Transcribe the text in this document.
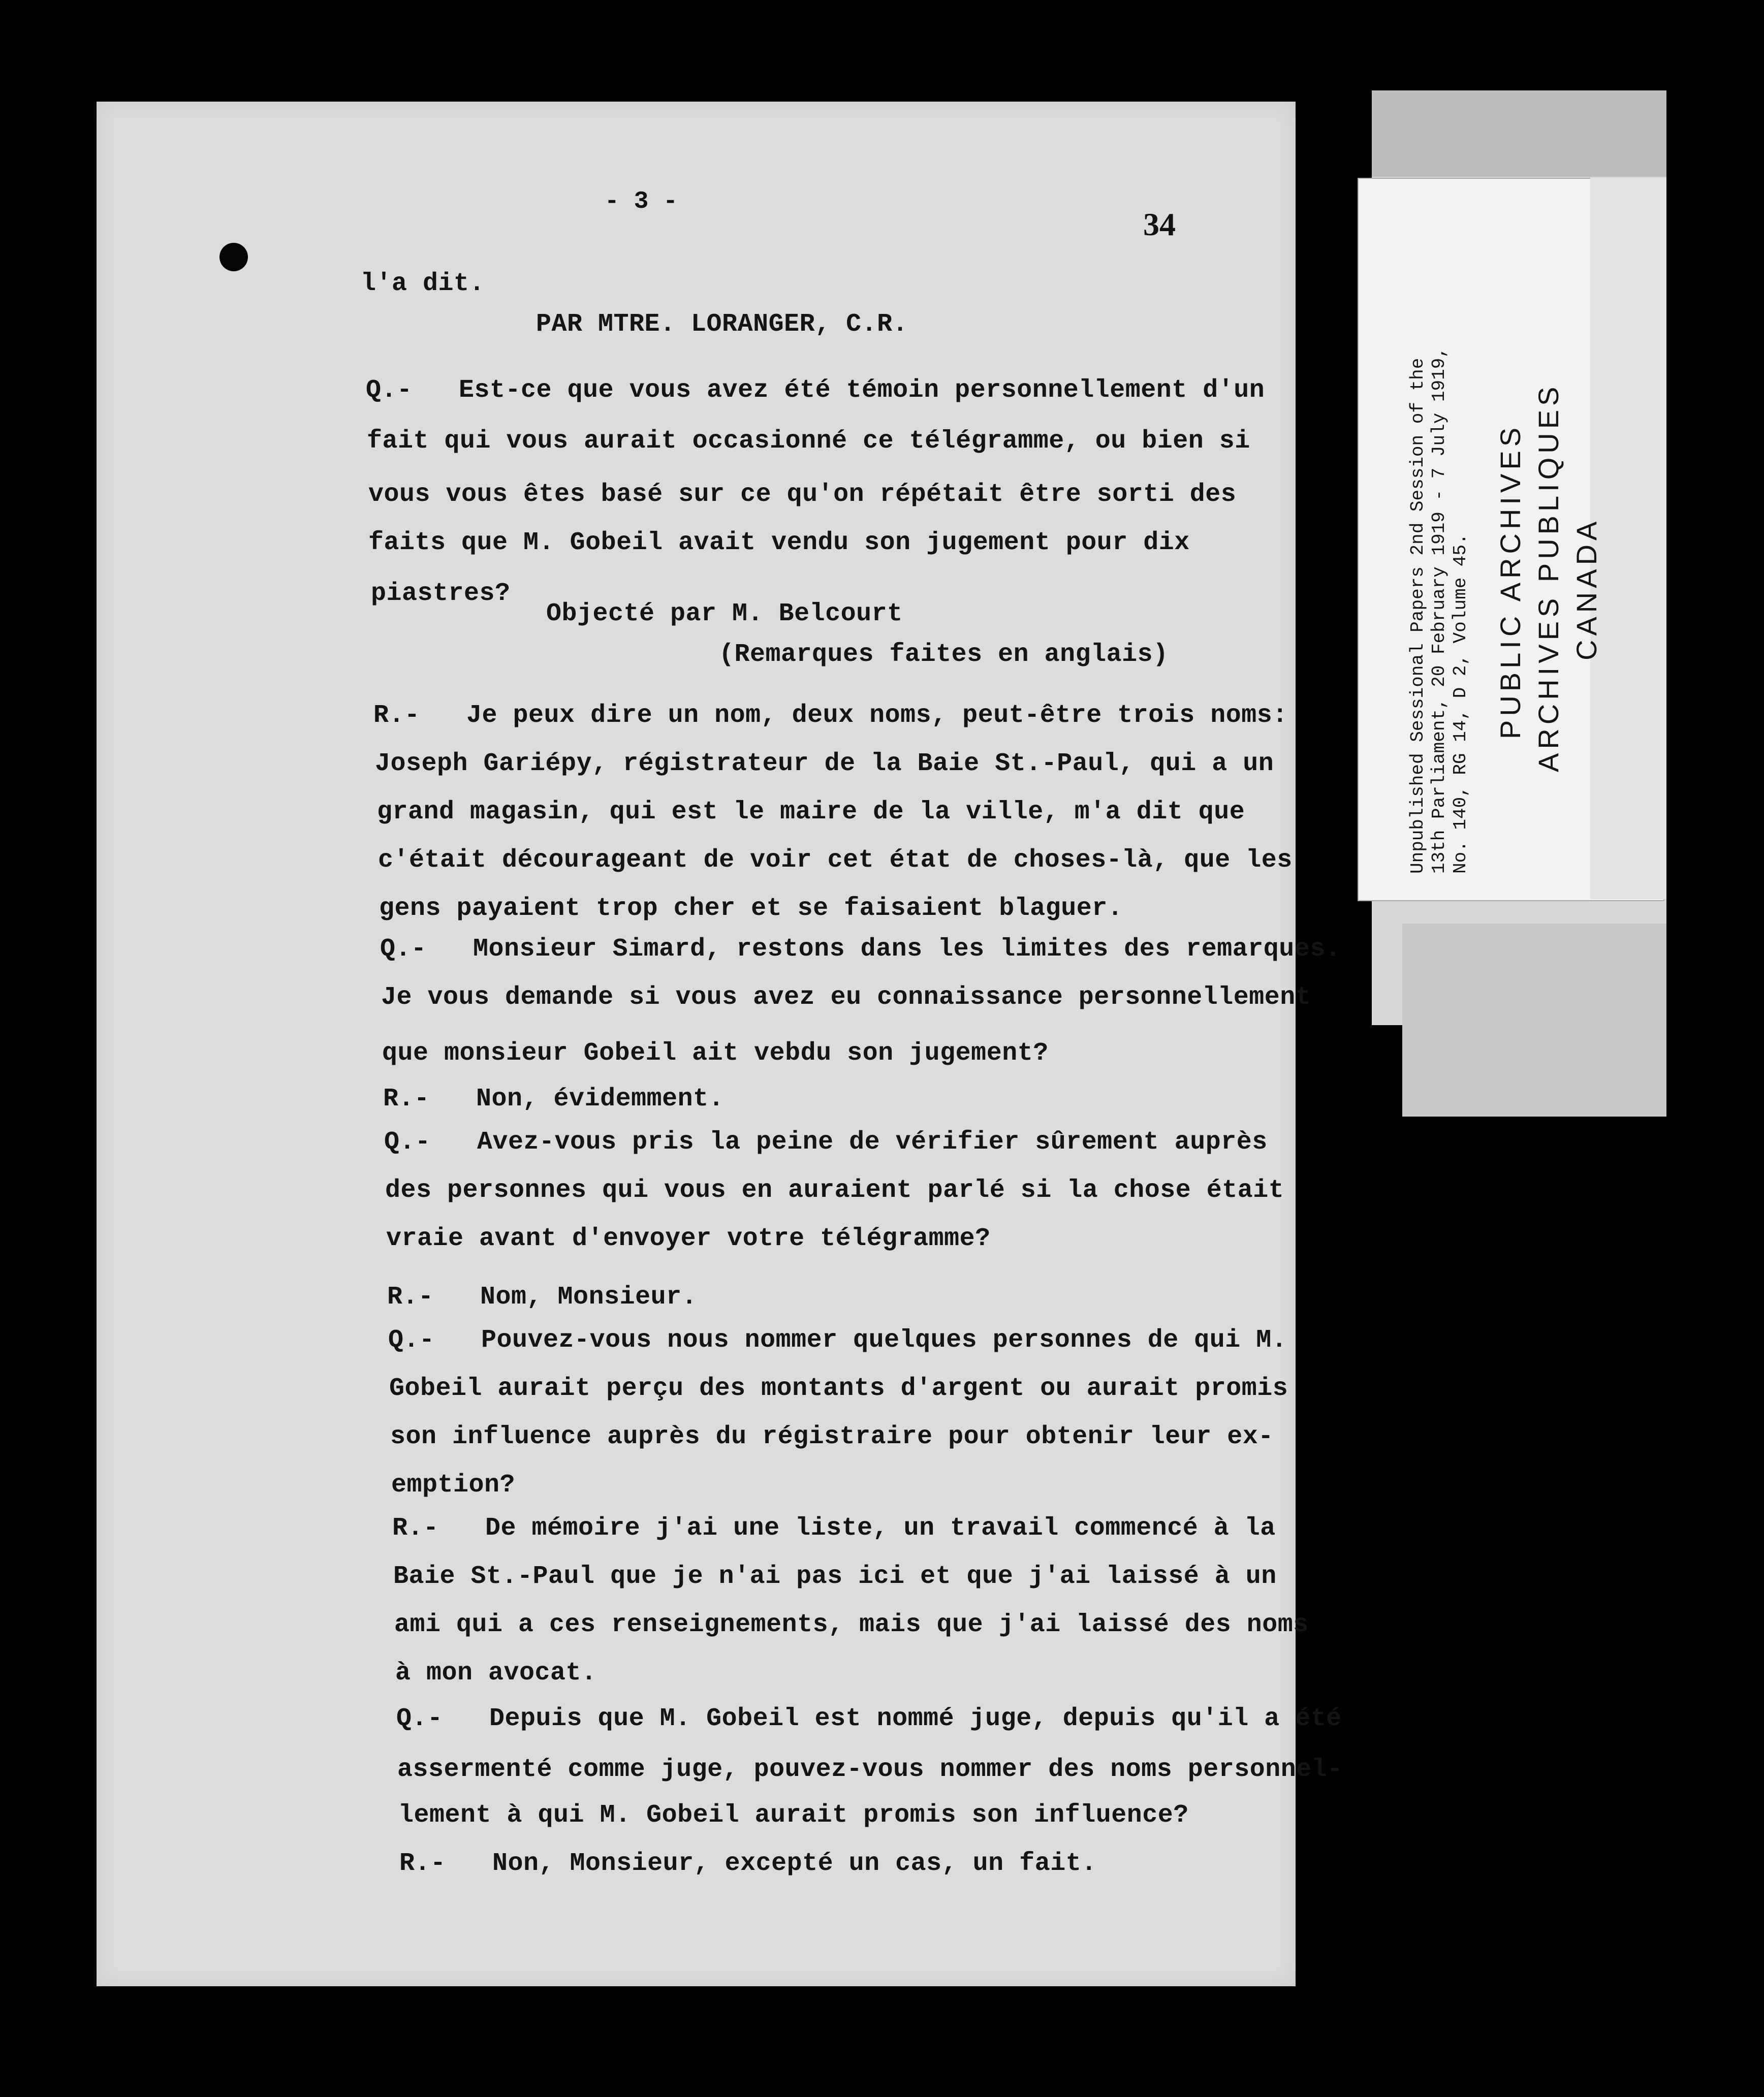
- 3 -
34
l'a dit.
PAR MTRE. LORANGER, C.R.
Q.-   Est-ce que vous avez été témoin personnellement d'un
fait qui vous aurait occasionné ce télégramme, ou bien si
vous vous êtes basé sur ce qu'on répétait être sorti des
faits que M. Gobeil avait vendu son jugement pour dix
piastres?
Objecté par M. Belcourt
(Remarques faites en anglais)
R.-   Je peux dire un nom, deux noms, peut-être trois noms:
Joseph Gariépy, régistrateur de la Baie St.-Paul, qui a un
grand magasin, qui est le maire de la ville, m'a dit que
c'était décourageant de voir cet état de choses-là, que les
gens payaient trop cher et se faisaient blaguer.
Q.-   Monsieur Simard, restons dans les limites des remarques.
Je vous demande si vous avez eu connaissance personnellement
que monsieur Gobeil ait vebdu son jugement?
R.-   Non, évidemment.
Q.-   Avez-vous pris la peine de vérifier sûrement auprès
des personnes qui vous en auraient parlé si la chose était
vraie avant d'envoyer votre télégramme?
R.-   Nom, Monsieur.
Q.-   Pouvez-vous nous nommer quelques personnes de qui M.
Gobeil aurait perçu des montants d'argent ou aurait promis
son influence auprès du régistraire pour obtenir leur ex-
emption?
R.-   De mémoire j'ai une liste, un travail commencé à la
Baie St.-Paul que je n'ai pas ici et que j'ai laissé à un
ami qui a ces renseignements, mais que j'ai laissé des noms
à mon avocat.
Q.-   Depuis que M. Gobeil est nommé juge, depuis qu'il a été
assermenté comme juge, pouvez-vous nommer des noms personnel-
lement à qui M. Gobeil aurait promis son influence?
R.-   Non, Monsieur, excepté un cas, un fait.
Unpublished Sessional Papers 2nd Session of the 13th Parliament, 20 February 1919 - 7 July 1919, No. 140, RG 14, D 2, Volume 45. PUBLIC ARCHIVES ARCHIVES PUBLIQUES CANADA
